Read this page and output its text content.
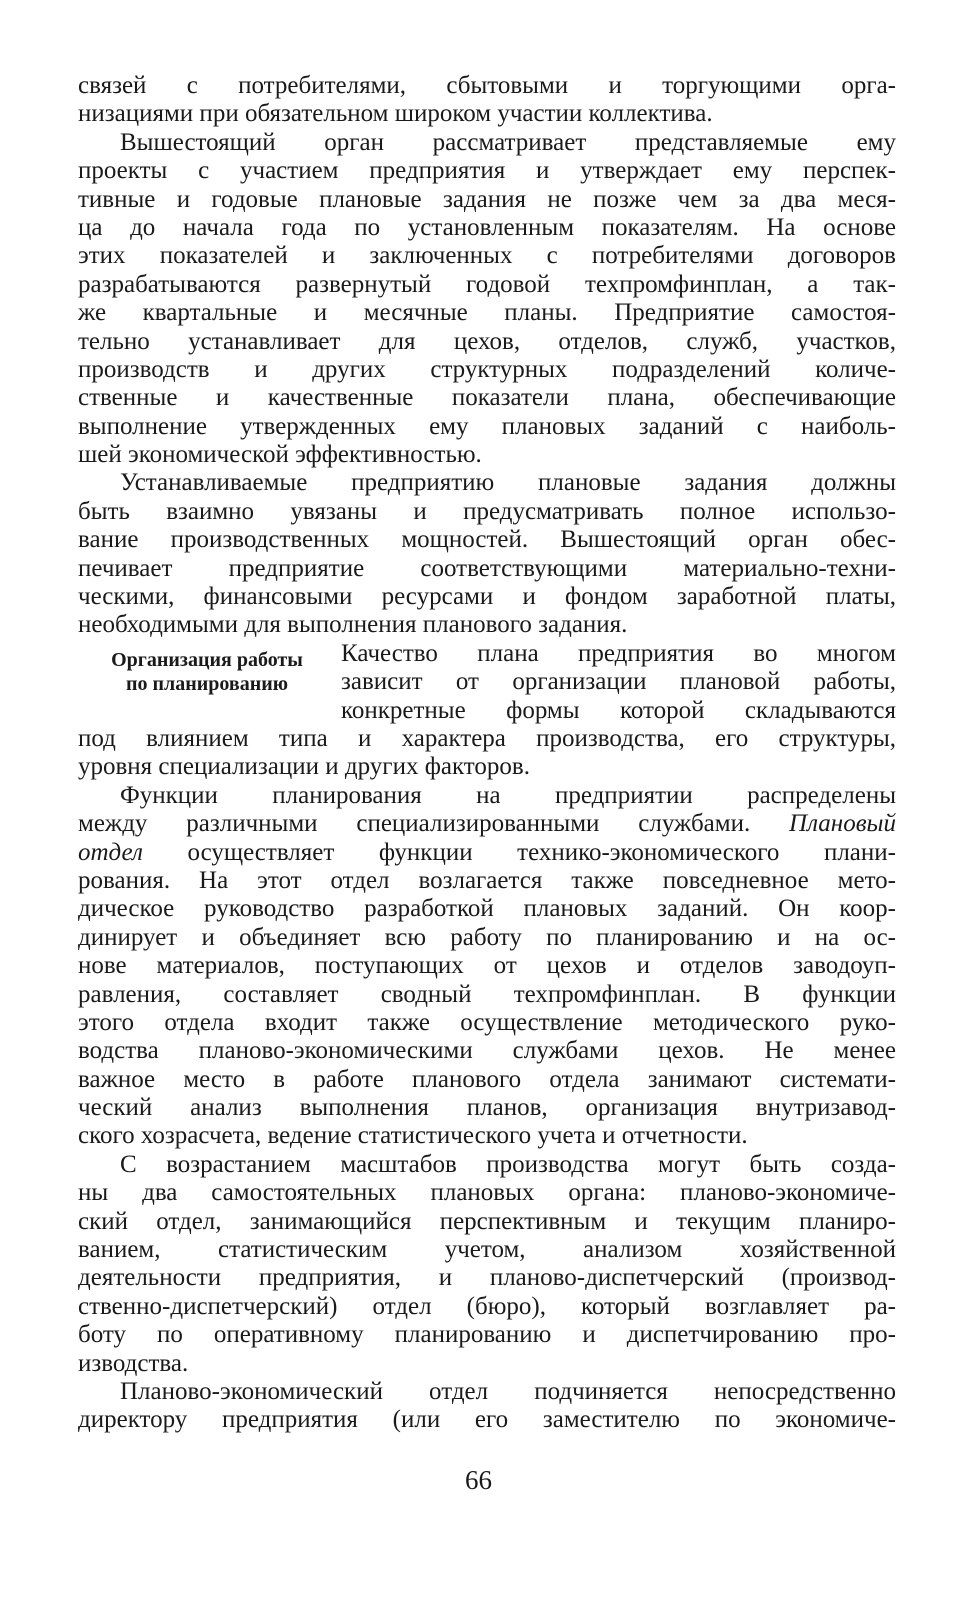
связей с потребителями, сбытовыми и торгующими орга-
низациями при обязательном широком участии коллектива.
Вышестоящий орган рассматривает представляемые ему
проекты с участием предприятия и утверждает ему перспек-
тивные и годовые плановые задания не позже чем за два меся-
ца до начала года по установленным показателям. На основе
этих показателей и заключенных с потребителями договоров
разрабатываются развернутый годовой техпромфинплан, а так-
же квартальные и месячные планы. Предприятие самостоя-
тельно устанавливает для цехов, отделов, служб, участков,
производств и других структурных подразделений количе-
ственные и качественные показатели плана, обеспечивающие
выполнение утвержденных ему плановых заданий с наиболь-
шей экономической эффективностью.
Устанавливаемые предприятию плановые задания должны
быть взаимно увязаны и предусматривать полное использо-
вание производственных мощностей. Вышестоящий орган обес-
печивает предприятие соответствующими материально-техни-
ческими, финансовыми ресурсами и фондом заработной платы,
необходимыми для выполнения планового задания.
Организация работы
по планированию
Качество плана предприятия во многом
зависит от организации плановой работы,
конкретные формы которой складываются
под влиянием типа и характера производства, его структуры,
уровня специализации и других факторов.
Функции планирования на предприятии распределены
между различными специализированными службами. Плановый
отдел осуществляет функции технико-экономического плани-
рования. На этот отдел возлагается также повседневное мето-
дическое руководство разработкой плановых заданий. Он коор-
динирует и объединяет всю работу по планированию и на ос-
нове материалов, поступающих от цехов и отделов заводоуп-
равления, составляет сводный техпромфинплан. В функции
этого отдела входит также осуществление методического руко-
водства планово-экономическими службами цехов. Не менее
важное место в работе планового отдела занимают системати-
ческий анализ выполнения планов, организация внутризавод-
ского хозрасчета, ведение статистического учета и отчетности.
С возрастанием масштабов производства могут быть созда-
ны два самостоятельных плановых органа: планово-экономиче-
ский отдел, занимающийся перспективным и текущим планиро-
ванием, статистическим учетом, анализом хозяйственной
деятельности предприятия, и планово-диспетчерский (производ-
ственно-диспетчерский) отдел (бюро), который возглавляет ра-
боту по оперативному планированию и диспетчированию про-
изводства.
Планово-экономический отдел подчиняется непосредственно
директору предприятия (или его заместителю по экономиче-
66
